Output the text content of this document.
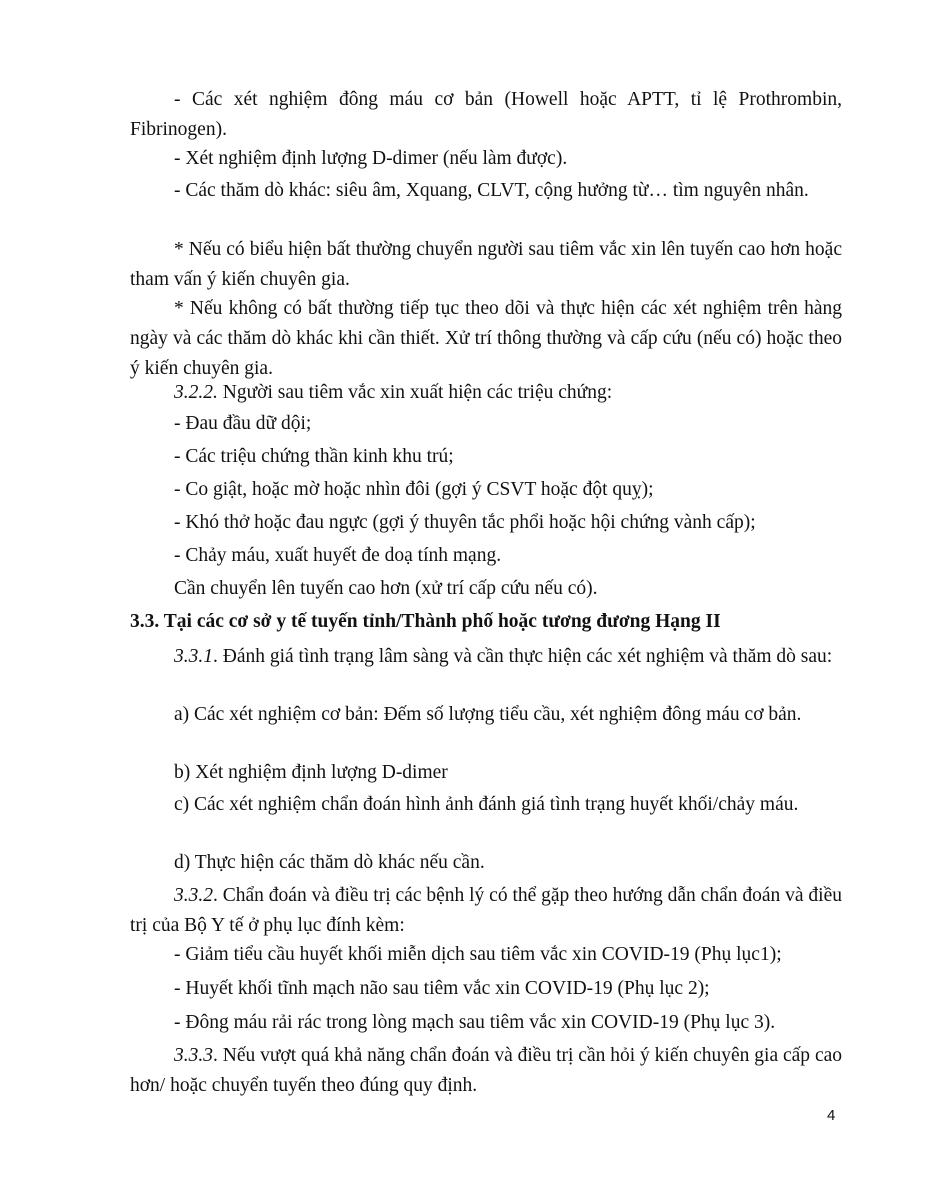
- Các xét nghiệm đông máu cơ bản (Howell hoặc APTT, tỉ lệ Prothrombin, Fibrinogen).

- Xét nghiệm định lượng D-dimer (nếu làm được).

- Các thăm dò khác: siêu âm, Xquang, CLVT, cộng hưởng từ… tìm nguyên nhân.

* Nếu có biểu hiện bất thường chuyển người sau tiêm vắc xin lên tuyến cao hơn hoặc tham vấn ý kiến chuyên gia.

* Nếu không có bất thường tiếp tục theo dõi và thực hiện các xét nghiệm trên hàng ngày và các thăm dò khác khi cần thiết. Xử trí thông thường và cấp cứu (nếu có) hoặc theo ý kiến chuyên gia.

3.2.2. Người sau tiêm vắc xin xuất hiện các triệu chứng:

- Đau đầu dữ dội;

- Các triệu chứng thần kinh khu trú;

- Co giật, hoặc mờ hoặc nhìn đôi (gợi ý CSVT hoặc đột quỵ);

- Khó thở hoặc đau ngực (gợi ý thuyên tắc phổi hoặc hội chứng vành cấp);

- Chảy máu, xuất huyết đe doạ tính mạng.

Cần chuyển lên tuyến cao hơn (xử trí cấp cứu nếu có).

3.3. Tại các cơ sở y tế tuyến tỉnh/Thành phố hoặc tương đương Hạng II

3.3.1. Đánh giá tình trạng lâm sàng và cần thực hiện các xét nghiệm và thăm dò sau:

a) Các xét nghiệm cơ bản: Đếm số lượng tiểu cầu, xét nghiệm đông máu cơ bản.

b) Xét nghiệm định lượng D-dimer

c) Các xét nghiệm chẩn đoán hình ảnh đánh giá tình trạng huyết khối/chảy máu.

d) Thực hiện các thăm dò khác nếu cần.

3.3.2. Chẩn đoán và điều trị các bệnh lý có thể gặp theo hướng dẫn chẩn đoán và điều trị của Bộ Y tế ở phụ lục đính kèm:

- Giảm tiểu cầu huyết khối miễn dịch sau tiêm vắc xin COVID-19 (Phụ lục1);

- Huyết khối tĩnh mạch não sau tiêm vắc xin COVID-19 (Phụ lục 2);

- Đông máu rải rác trong lòng mạch sau tiêm vắc xin COVID-19 (Phụ lục 3).

3.3.3. Nếu vượt quá khả năng chẩn đoán và điều trị cần hỏi ý kiến chuyên gia cấp cao hơn/ hoặc chuyển tuyến theo đúng quy định.

4
